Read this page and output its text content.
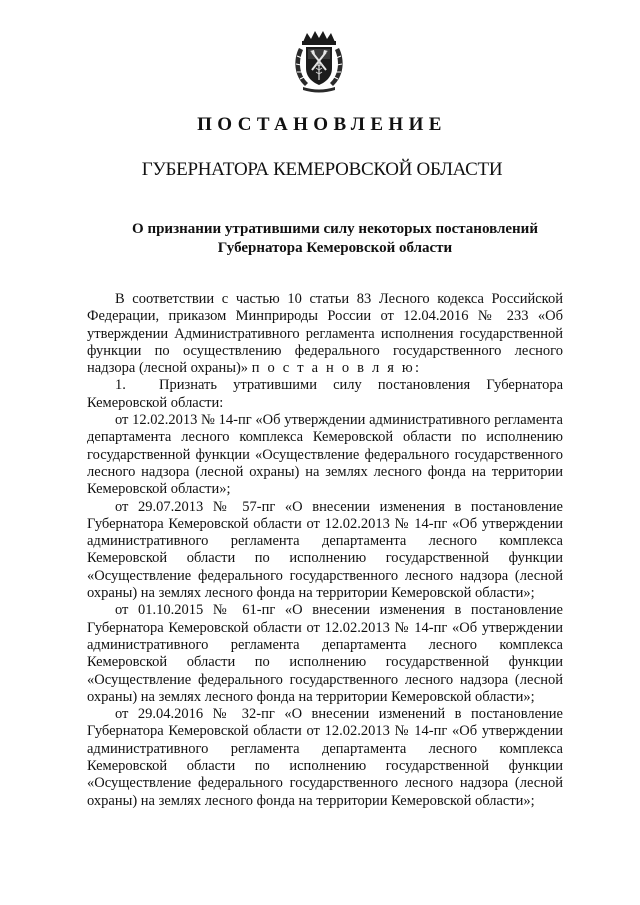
ПОСТАНОВЛЕНИЕ
ГУБЕРНАТОРА КЕМЕРОВСКОЙ ОБЛАСТИ
О признании утратившими силу некоторых постановлений
Губернатора Кемеровской области

В соответствии с частью 10 статьи 83 Лесного кодекса Российской Федерации, приказом Минприроды России от 12.04.2016 № 233 «Об утверждении Административного регламента исполнения государственной функции по осуществлению федерального государственного лесного надзора (лесной охраны)» п о с т а н о в л я ю:

1. Признать утратившими силу постановления Губернатора Кемеровской области:

от 12.02.2013 № 14-пг «Об утверждении административного регламента департамента лесного комплекса Кемеровской области по исполнению государственной функции «Осуществление федерального государственного лесного надзора (лесной охраны) на землях лесного фонда на территории Кемеровской области»;

от 29.07.2013 № 57-пг «О внесении изменения в постановление Губернатора Кемеровской области от 12.02.2013 № 14-пг «Об утверждении административного регламента департамента лесного комплекса Кемеровской области по исполнению государственной функции «Осуществление федерального государственного лесного надзора (лесной охраны) на землях лесного фонда на территории Кемеровской области»;

от 01.10.2015 № 61-пг «О внесении изменения в постановление Губернатора Кемеровской области от 12.02.2013 № 14-пг «Об утверждении административного регламента департамента лесного комплекса Кемеровской области по исполнению государственной функции «Осуществление федерального государственного лесного надзора (лесной охраны) на землях лесного фонда на территории Кемеровской области»;

от 29.04.2016 № 32-пг «О внесении изменений в постановление Губернатора Кемеровской области от 12.02.2013 № 14-пг «Об утверждении административного регламента департамента лесного комплекса Кемеровской области по исполнению государственной функции «Осуществление федерального государственного лесного надзора (лесной охраны) на землях лесного фонда на территории Кемеровской области»;
